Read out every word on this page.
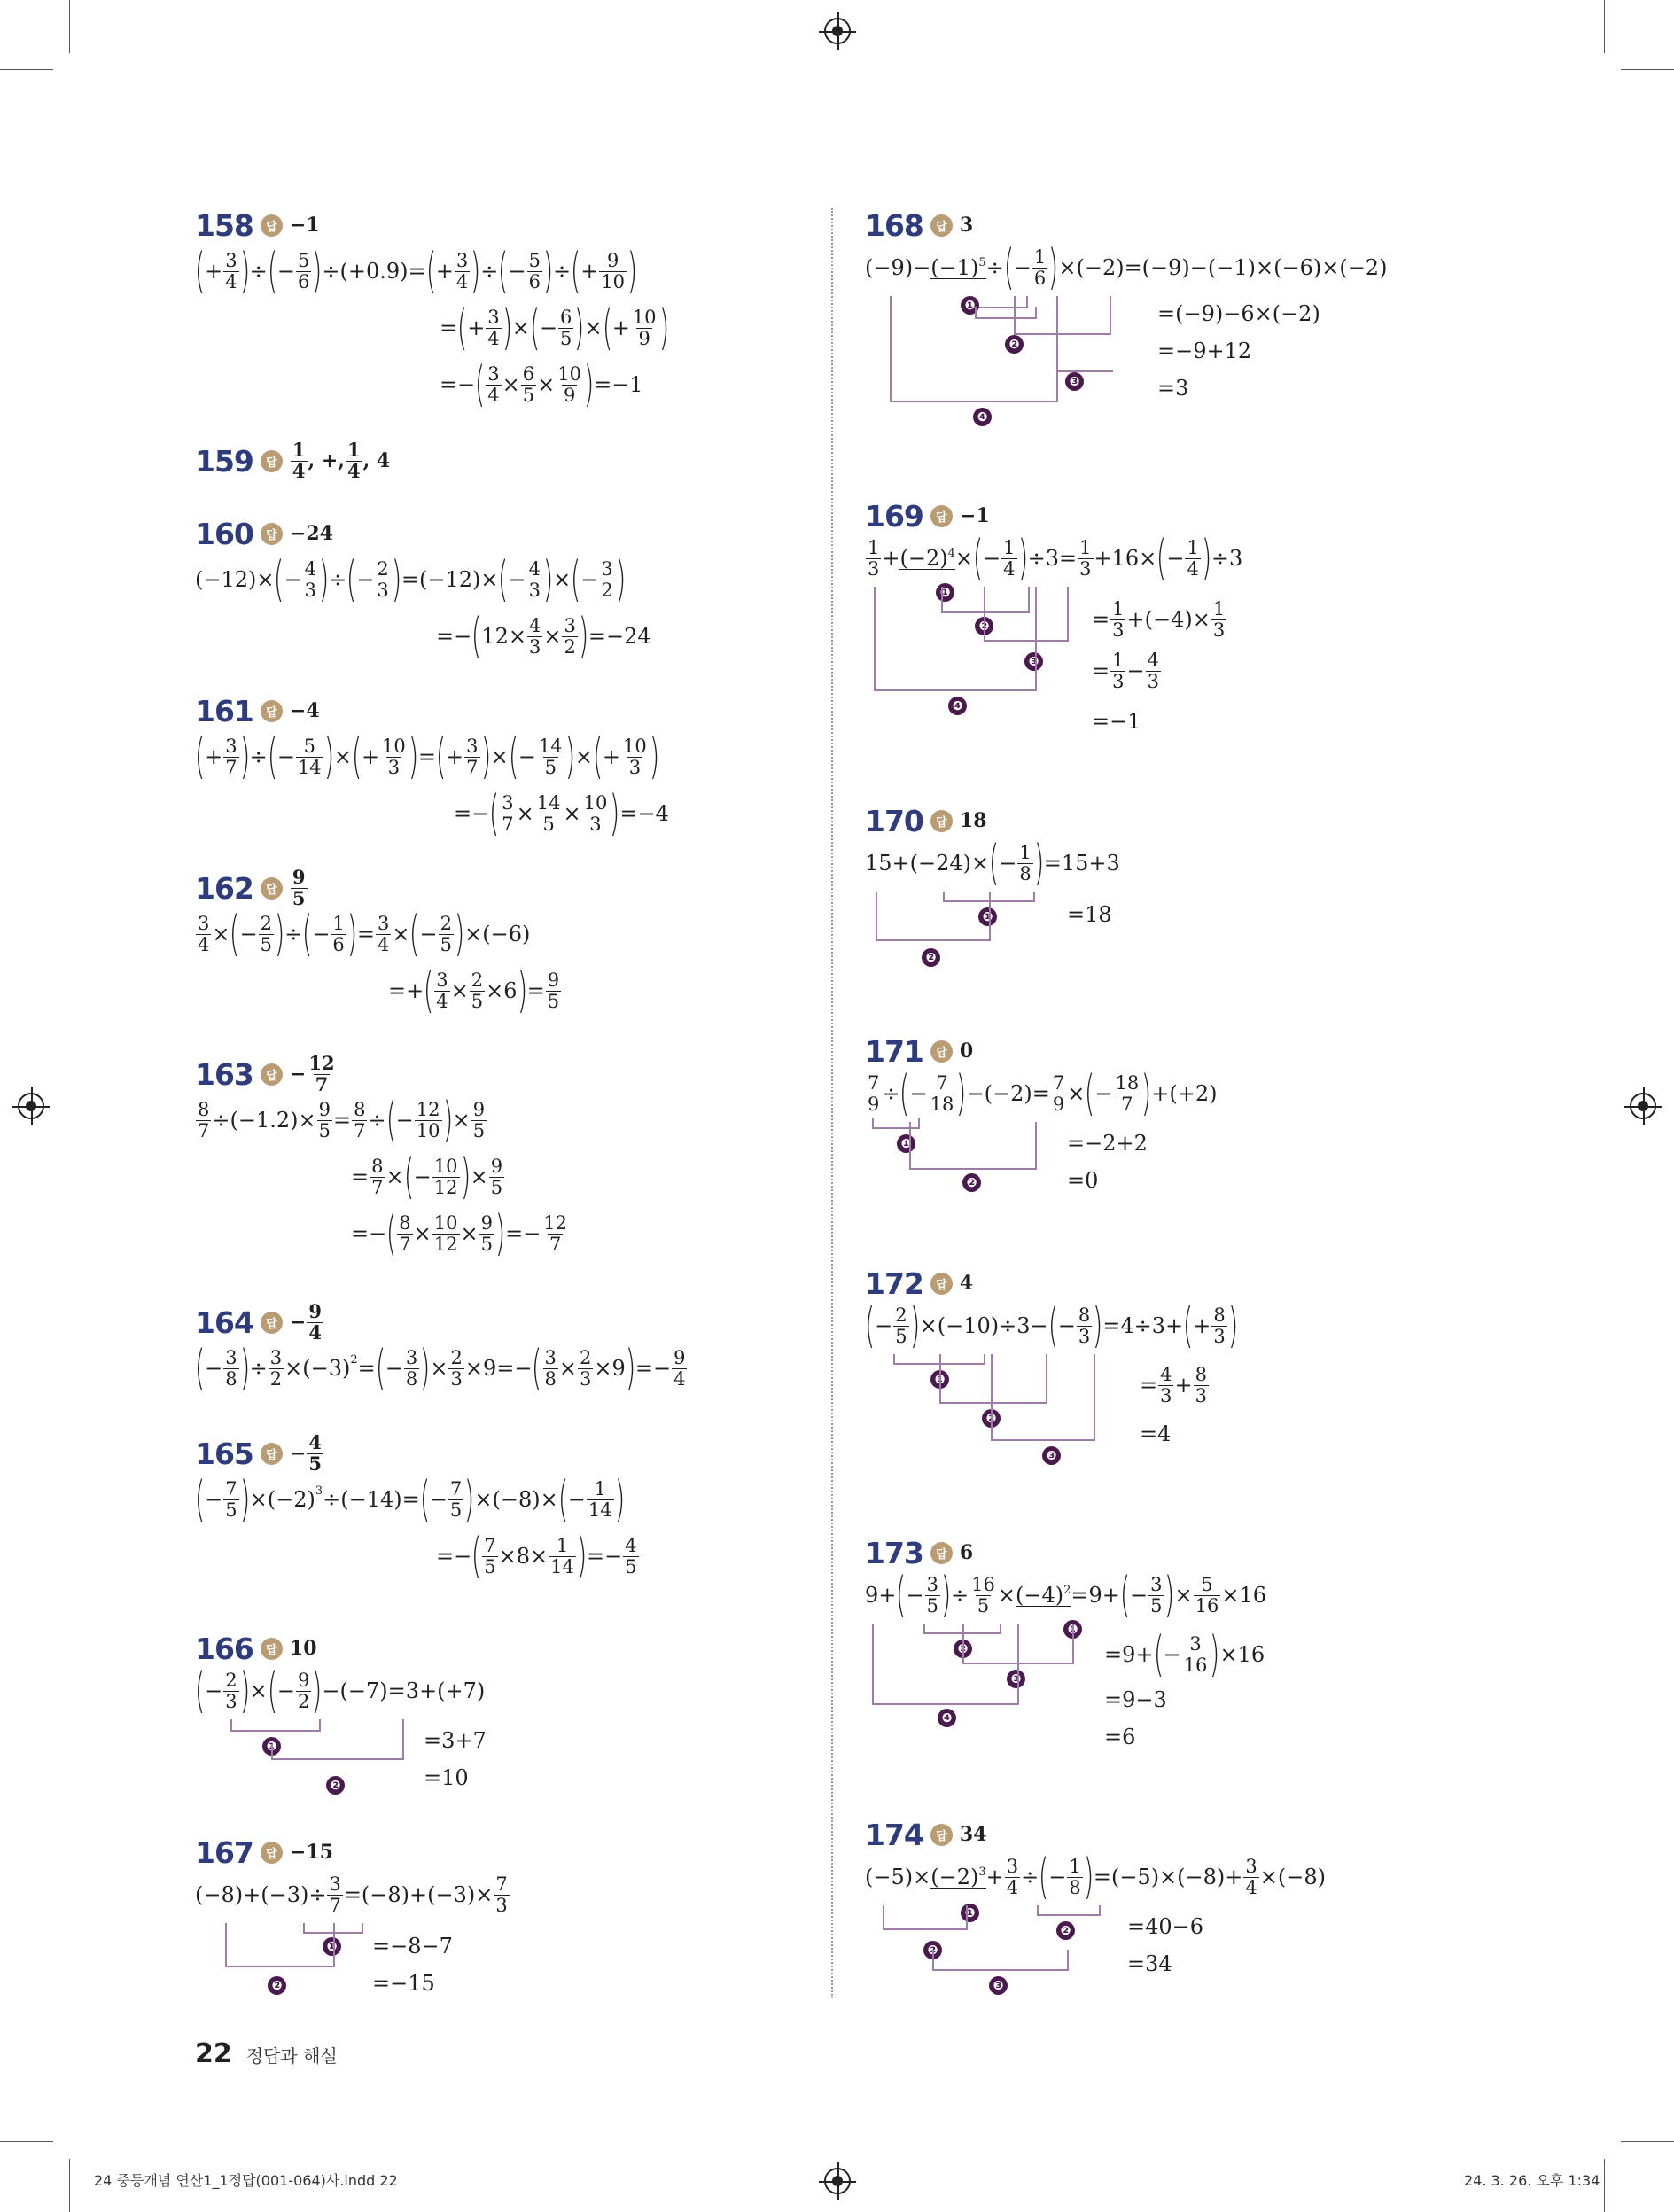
158	답 −1
( + 3
4 ) ÷ ( − 5
6 ) ÷(+0.9)= ( + 3
4 ) ÷ ( − 5
6 ) ÷ ( + 9
10 )
= ( + 3
4 ) × ( − 6
5 ) × ( + 10
9 )
=− ( 3
4 × 6
5 × 10
9 ) =−1
159	답
1
4 , +, 1
4 , 4
160	답 −24
(−12)× ( − 4
3 ) ÷ ( − 2
3 ) =(−12)× ( − 4
3 ) × ( − 3
2 )
=− ( 12× 4
3 × 3
2 ) =−24
161	답 −4
( + 3
7 ) ÷ ( − 5
14 ) × ( + 10
3 ) = ( + 3
7 ) × ( − 14
5 ) × ( + 10
3 )
=− ( 3
7 × 14
5 × 10
3 ) =−4
162	답
9
5
3
4 × ( − 2
5 ) ÷ ( − 1
6 ) = 3
4 × ( − 2
5 ) ×(−6)
=+ ( 3
4 × 2
5 ×6 ) = 9
5
163	답 − $\frac{12}{7}$
8
7 ÷(−1.2)× 9
5 = 8
7 ÷ ( − 12
10 ) × 9
5
= 8
7 × ( − 10
12 ) × 9
5
=− ( 8
7 × 10
12 × 9
5 ) =− 12
7
164	답 − $\frac{9}{4}$
( − 3
8 ) ÷ 3
2 ×(−3) 2 = ( − 3
8 ) × 2
3 ×9=− ( 3
8 × 2
3 ×9 ) =− 9
4
165	답 − $\frac{4}{5}$
( − 7
5 ) ×(−2) 3 ÷(−14)= ( − 7
5 ) ×(−8)× ( − 1
14 )
=− ( 7
5 ×8× 1
14 ) =− 4
5
166	답 10
( − 2
3 ) × ( − 9
2 ) −(−7)=3+(+7)
❶
❷
=3+7
=10
167	답 −15
(−8)+(−3)÷ 3
7 =(−8)+(−3)× 7
3
❶
❷
=−8−7
=−15
168	답 3
$(-9)- (-1)^5$ ÷ ( − 1
6 ) ×(−2)=(−9)−(−1)×(−6)×(−2)
❶
❷
❸
❹
=(−9)−6×(−2)
=−9+12
=3
169	답 −1
1
$3 + (-2)^4$ × ( − 1
4 ) ÷3= 1
3 +16× ( − 1
4 ) ÷3
❶
❷
❸
❹
= 1
3 +(−4)× 1
3
= 1
3 − 4
3
=−1
170	답 18
15+(−24)× ( − 1
8 ) =15+3
❶
❷
=18
171	답 0
7
9 ÷ ( − 7
18 ) −(−2)= 7
9 × ( − 18
7 ) +(+2)
❶
❷
=−2+2
=0
172	답 4
( − 2
5 ) ×(−10)÷3− ( − 8
3 ) =4÷3+ ( + 8
3 )
❶
❷
❸
= 4
3 + 8
3
=4
173	답 6
9+ ( − 3
5 ) ÷ 16
$5 \times (-4)^2 =9+$ ( − 3
5 ) × 5
16 ×16
❶
❷
❸
❹
=9+ ( − 3
16 ) ×16
=9−3
=6
174	답 34
$(-5)\times (-2)^3 + 3$
4 ÷ ( − 1
8 ) =(−5)×(−8)+ 3
4 ×(−8)
❶
❷
❷
❸
=40−6
=34
22 정답과 해설
24 중등개념 연산1_1정답(001-064)사.indd 22	24. 3. 26. 오후 1:34
